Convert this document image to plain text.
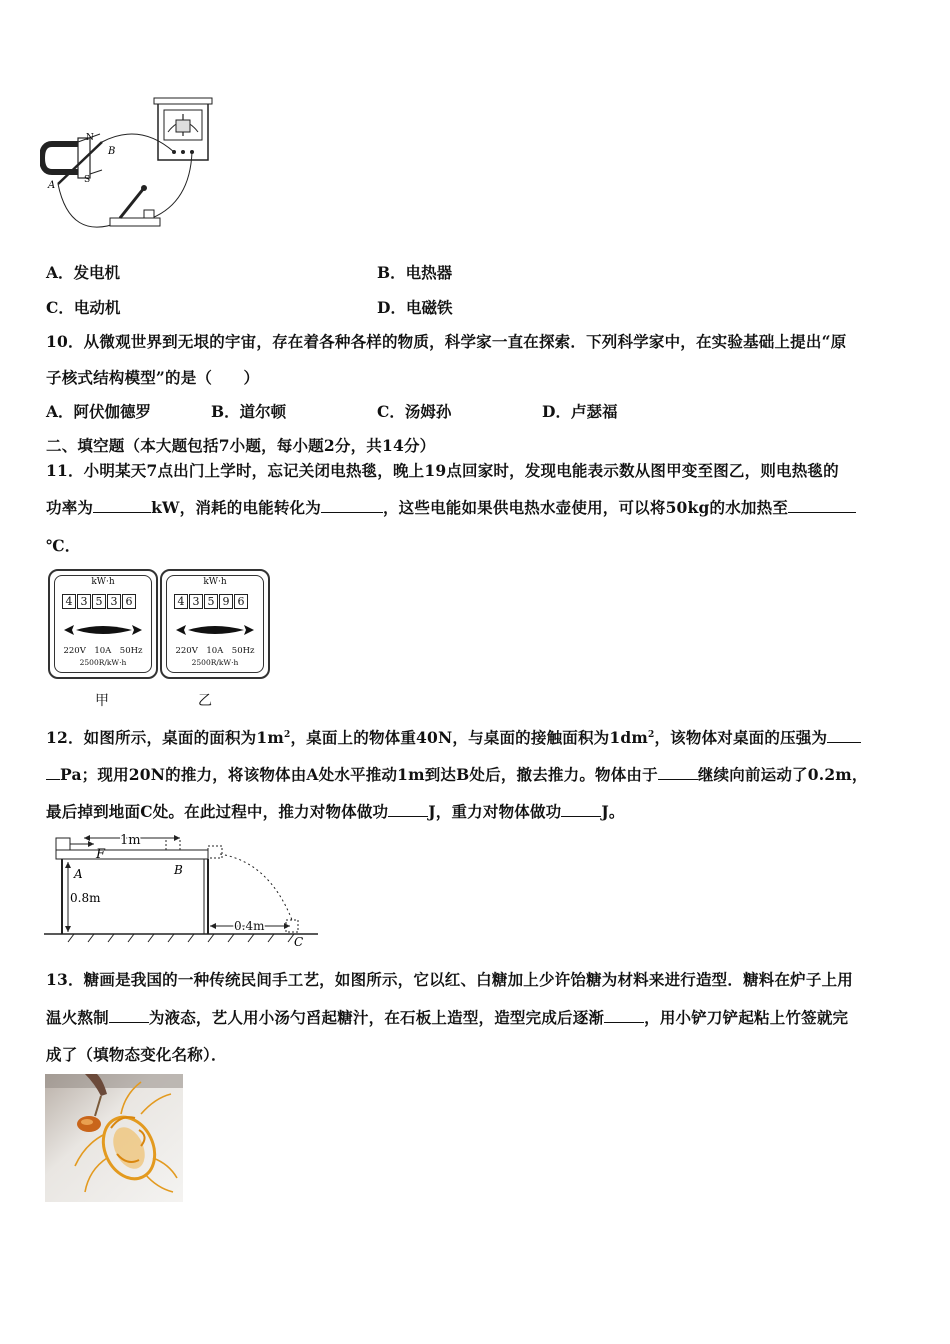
N
S
A
B
A．发电机	B．电热器
C．电动机	D．电磁铁
10．从微观世界到无垠的宇宙，存在着各种各样的物质，科学家一直在探索．下列科学家中，在实验基础上提出“原
子核式结构模型”的是（　　）
A．阿伏伽德罗	B．道尔顿	C．汤姆孙	D．卢瑟福
二、填空题（本大题包括7小题，每小题2分，共14分）
11．小明某天7点出门上学时，忘记关闭电热毯，晚上19点回家时，发现电能表示数从图甲变至图乙，则电热毯的
功率为	kW，消耗的电能转化为	，这些电能如果供电热水壶使用，可以将50kg的水加热至
℃．
kW·h
4 3 5 3 6
220V　10A　50Hz
2500R/kW·h
kW·h
4 3 5 9 6
220V　10A　50Hz
2500R/kW·h
甲	乙
12．如图所示，桌面的面积为$1m^2$，桌面上的物体重40N，与桌面的接触面积为$1dm^2$，该物体对桌面的压强为
Pa；现用20N的推力，将该物体由A处水平推动1m到达B处后，撤去推力。物体由于	继续向前运动了0.2m，
最后掉到地面C处。在此过程中，推力对物体做功	J，重力对物体做功	J。
F
1m
B
A
0.8m
0.4m
C
13．糖画是我国的一种传统民间手工艺，如图所示，它以红、白糖加上少许饴糖为材料来进行造型．糖料在炉子上用
温火熬制	为液态，艺人用小汤勺舀起糖汁，在石板上造型，造型完成后逐渐	，用小铲刀铲起粘上竹签就完
成了（填物态变化名称）．
